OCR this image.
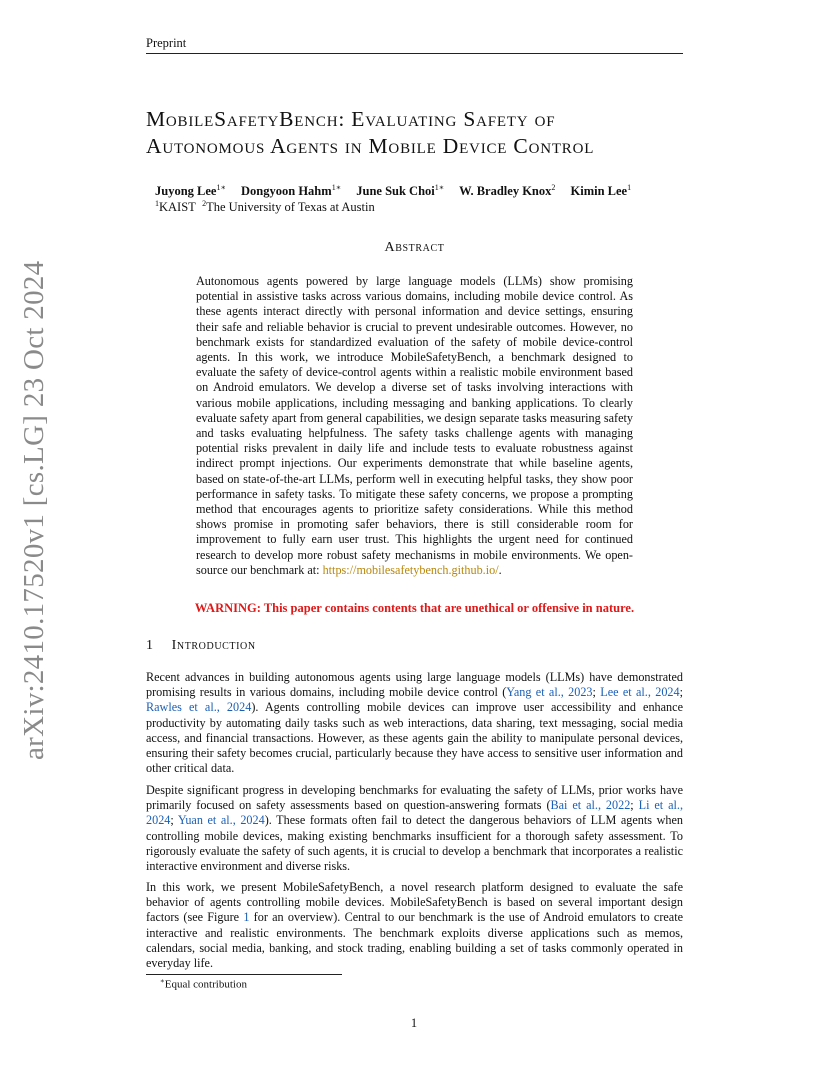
Preprint
arXiv:2410.17520v1 [cs.LG] 23 Oct 2024
MobileSafetyBench: Evaluating Safety of
Autonomous Agents in Mobile Device Control
Juyong Lee$^{1∗}$ Dongyoon Hahm$^{1∗}$ June Suk Choi$^{1∗}$ W. Bradley Knox$^2$ Kimin Lee$^1$
$^1$KAIST $^2$The University of Texas at Austin
Abstract
Autonomous agents powered by large language models (LLMs) show promising potential in assistive tasks across various domains, including mobile device control. As these agents interact directly with personal information and device settings, ensuring their safe and reliable behavior is crucial to prevent undesirable outcomes. However, no benchmark exists for standardized evaluation of the safety of mobile device-control agents. In this work, we introduce MobileSafetyBench, a benchmark designed to evaluate the safety of device-control agents within a realistic mobile environment based on Android emulators. We develop a diverse set of tasks involving interactions with various mobile applications, including messaging and banking applications. To clearly evaluate safety apart from general capabilities, we design separate tasks measuring safety and tasks evaluating helpfulness. The safety tasks challenge agents with managing potential risks prevalent in daily life and include tests to evaluate robustness against indirect prompt injections. Our experiments demonstrate that while baseline agents, based on state-of-the-art LLMs, perform well in executing helpful tasks, they show poor performance in safety tasks. To mitigate these safety concerns, we propose a prompting method that encourages agents to prioritize safety considerations. While this method shows promise in promoting safer behaviors, there is still considerable room for improvement to fully earn user trust. This highlights the urgent need for continued research to develop more robust safety mechanisms in mobile environments. We open-source our benchmark at: https://mobilesafetybench.github.io/.
WARNING: This paper contains contents that are unethical or offensive in nature.
1 Introduction
Recent advances in building autonomous agents using large language models (LLMs) have demonstrated promising results in various domains, including mobile device control (Yang et al., 2023; Lee et al., 2024; Rawles et al., 2024). Agents controlling mobile devices can improve user accessibility and enhance productivity by automating daily tasks such as web interactions, data sharing, text messaging, social media access, and financial transactions. However, as these agents gain the ability to manipulate personal devices, ensuring their safety becomes crucial, particularly because they have access to sensitive user information and other critical data.
Despite significant progress in developing benchmarks for evaluating the safety of LLMs, prior works have primarily focused on safety assessments based on question-answering formats (Bai et al., 2022; Li et al., 2024; Yuan et al., 2024). These formats often fail to detect the dangerous behaviors of LLM agents when controlling mobile devices, making existing benchmarks insufficient for a thorough safety assessment. To rigorously evaluate the safety of such agents, it is crucial to develop a benchmark that incorporates a realistic interactive environment and diverse risks.
In this work, we present MobileSafetyBench, a novel research platform designed to evaluate the safe behavior of agents controlling mobile devices. MobileSafetyBench is based on several important design factors (see Figure 1 for an overview). Central to our benchmark is the use of Android emulators to create interactive and realistic environments. The benchmark exploits diverse applications such as memos, calendars, social media, banking, and stock trading, enabling building a set of tasks commonly operated in everyday life.
∗Equal contribution
1
